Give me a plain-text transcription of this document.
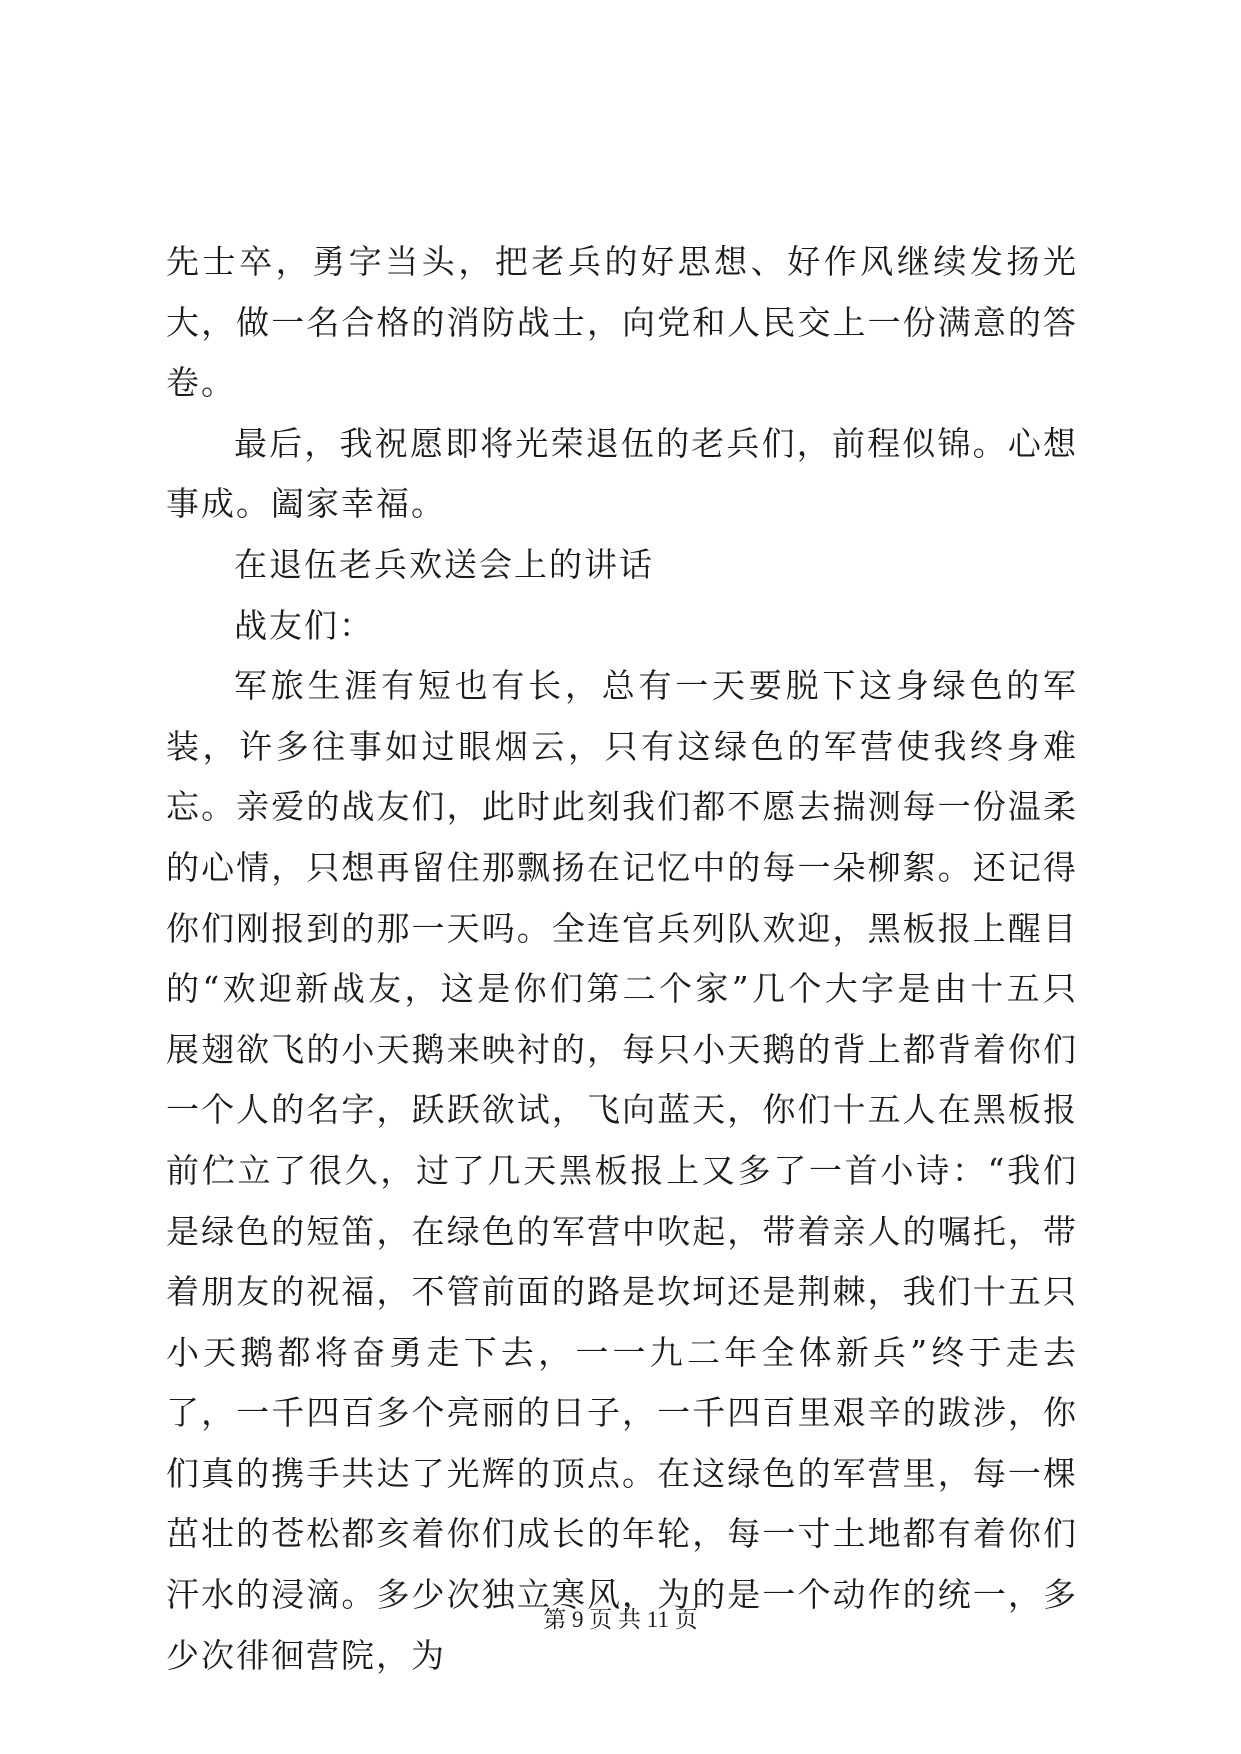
先士卒，勇字当头，把老兵的好思想、好作风继续发扬光大，做一名合格的消防战士，向党和人民交上一份满意的答卷。

最后，我祝愿即将光荣退伍的老兵们，前程似锦。心想事成。阖家幸福。

在退伍老兵欢送会上的讲话

战友们：

军旅生涯有短也有长，总有一天要脱下这身绿色的军装，许多往事如过眼烟云，只有这绿色的军营使我终身难忘。亲爱的战友们，此时此刻我们都不愿去揣测每一份温柔的心情，只想再留住那飘扬在记忆中的每一朵柳絮。还记得你们刚报到的那一天吗。全连官兵列队欢迎，黑板报上醒目的“欢迎新战友，这是你们第二个家”几个大字是由十五只展翅欲飞的小天鹅来映衬的，每只小天鹅的背上都背着你们一个人的名字，跃跃欲试，飞向蓝天，你们十五人在黑板报前伫立了很久，过了几天黑板报上又多了一首小诗：“我们是绿色的短笛，在绿色的军营中吹起，带着亲人的嘱托，带着朋友的祝福，不管前面的路是坎坷还是荆棘，我们十五只小天鹅都将奋勇走下去，一一九二年全体新兵”终于走去了，一千四百多个亮丽的日子，一千四百里艰辛的跋涉，你们真的携手共达了光辉的顶点。在这绿色的军营里，每一棵茁壮的苍松都亥着你们成长的年轮，每一寸土地都有着你们汗水的浸滴。多少次独立寒风，为的是一个动作的统一，多少次徘徊营院，为

第 9 页 共 11 页
